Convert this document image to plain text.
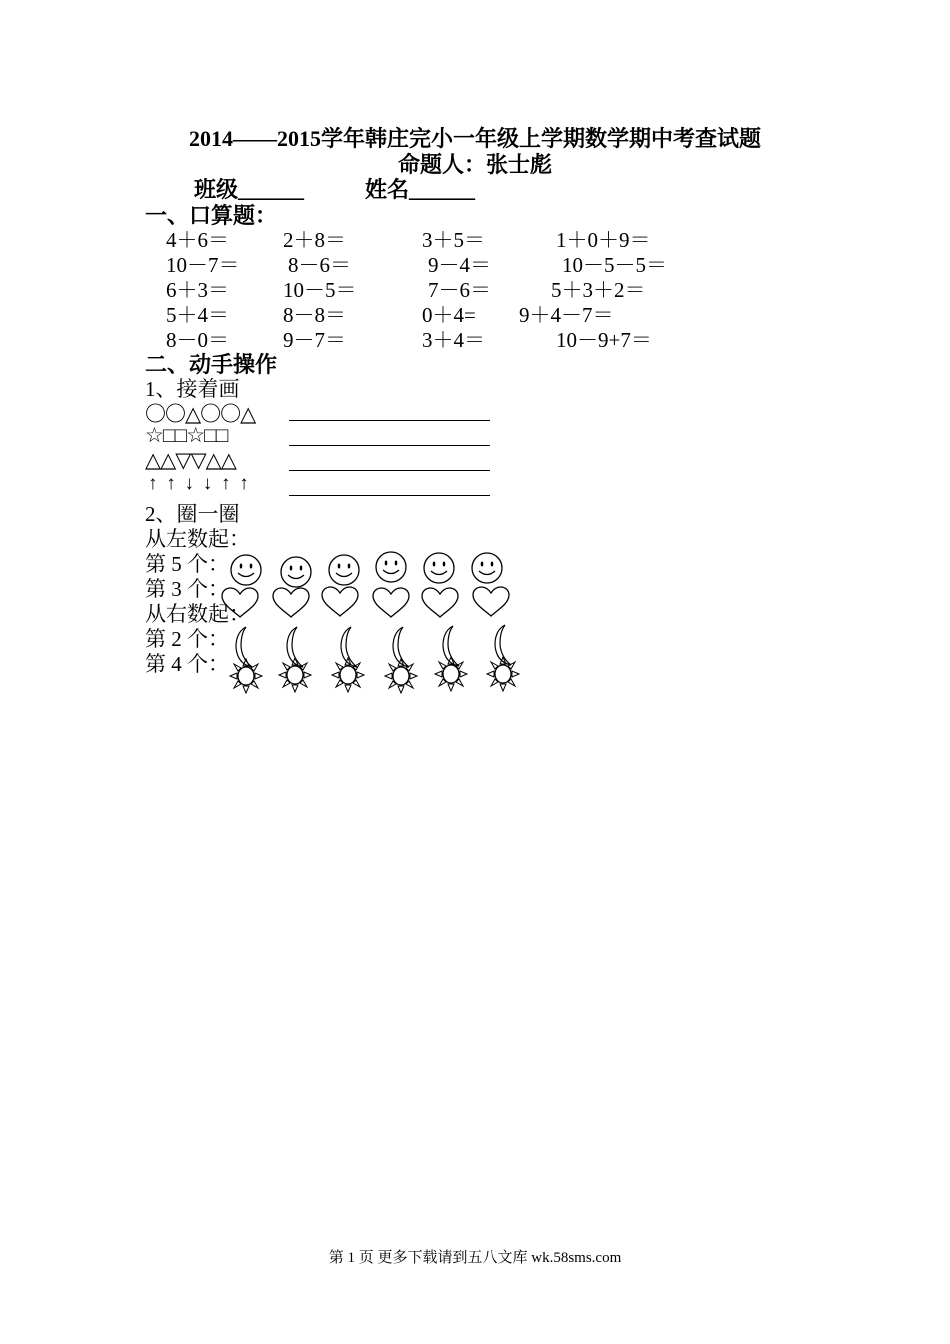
2014——2015学年韩庄完小一年级上学期数学期中考查试题
命题人：张士彪
班级______	姓名______
一、口算题：
4＋6＝	2＋8＝	3＋5＝	1＋0＋9＝
10－7＝ 8－6＝	9－4＝	10－5－5＝
6＋3＝	10－5＝	7－6＝	5＋3＋2＝
5＋4＝	8－8＝	0＋4= 9＋4－7＝
8－0＝	9－7＝	3＋4＝	10－9+7＝
二、动手操作
1、接着画
〇〇△〇〇△
☆□□☆□□
△△▽▽△△
↑ ↑ ↓ ↓ ↑ ↑
2、圈一圈
从左数起：
第 5 个：
第 3 个：
从右数起：
第 2 个：
第 4 个：
第 1 页 更多下载请到五八文库 wk.58sms.com
